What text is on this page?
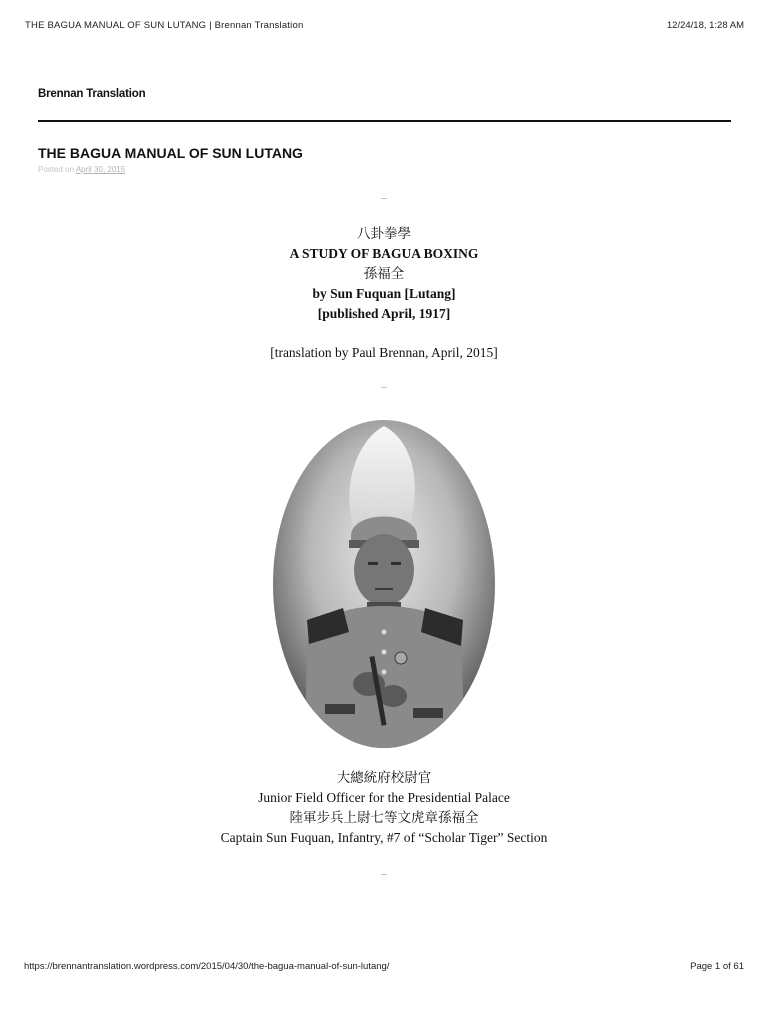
THE BAGUA MANUAL OF SUN LUTANG | Brennan Translation	12/24/18, 1:28 AM
Brennan Translation
THE BAGUA MANUAL OF SUN LUTANG
Posted on April 30, 2015
–
八卦拳學
A STUDY OF BAGUA BOXING
孫福全
by Sun Fuquan [Lutang]
[published April, 1917]
[translation by Paul Brennan, April, 2015]
–
大總統府校尉官
Junior Field Officer for the Presidential Palace
陸軍步兵上尉七等文虎章孫福全
Captain Sun Fuquan, Infantry, #7 of “Scholar Tiger” Section
–
https://brennantranslation.wordpress.com/2015/04/30/the-bagua-manual-of-sun-lutang/	Page 1 of 61
